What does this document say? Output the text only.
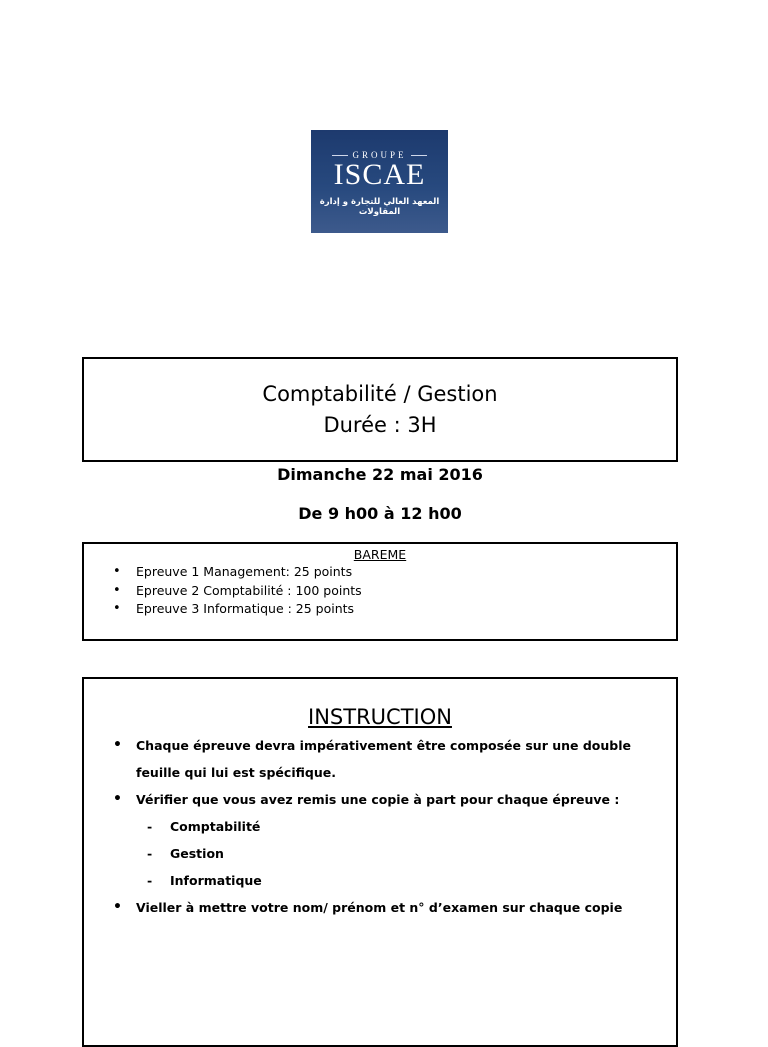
GROUPE
ISCAE
المعهد العالي للتجارة و إدارة المقاولات
Comptabilité / Gestion
Durée : 3H
Dimanche 22 mai 2016
De 9 h00 à 12 h00
BAREME
• Epreuve 1 Management: 25 points
• Epreuve 2 Comptabilité : 100 points
• Epreuve 3 Informatique : 25 points
INSTRUCTION
• Chaque épreuve devra impérativement être composée sur une double feuille qui lui est spécifique.
• Vérifier que vous avez remis une copie à part pour chaque épreuve :
- Comptabilité
- Gestion
- Informatique
• Vieller à mettre votre nom/ prénom et n° d’examen sur chaque copie
